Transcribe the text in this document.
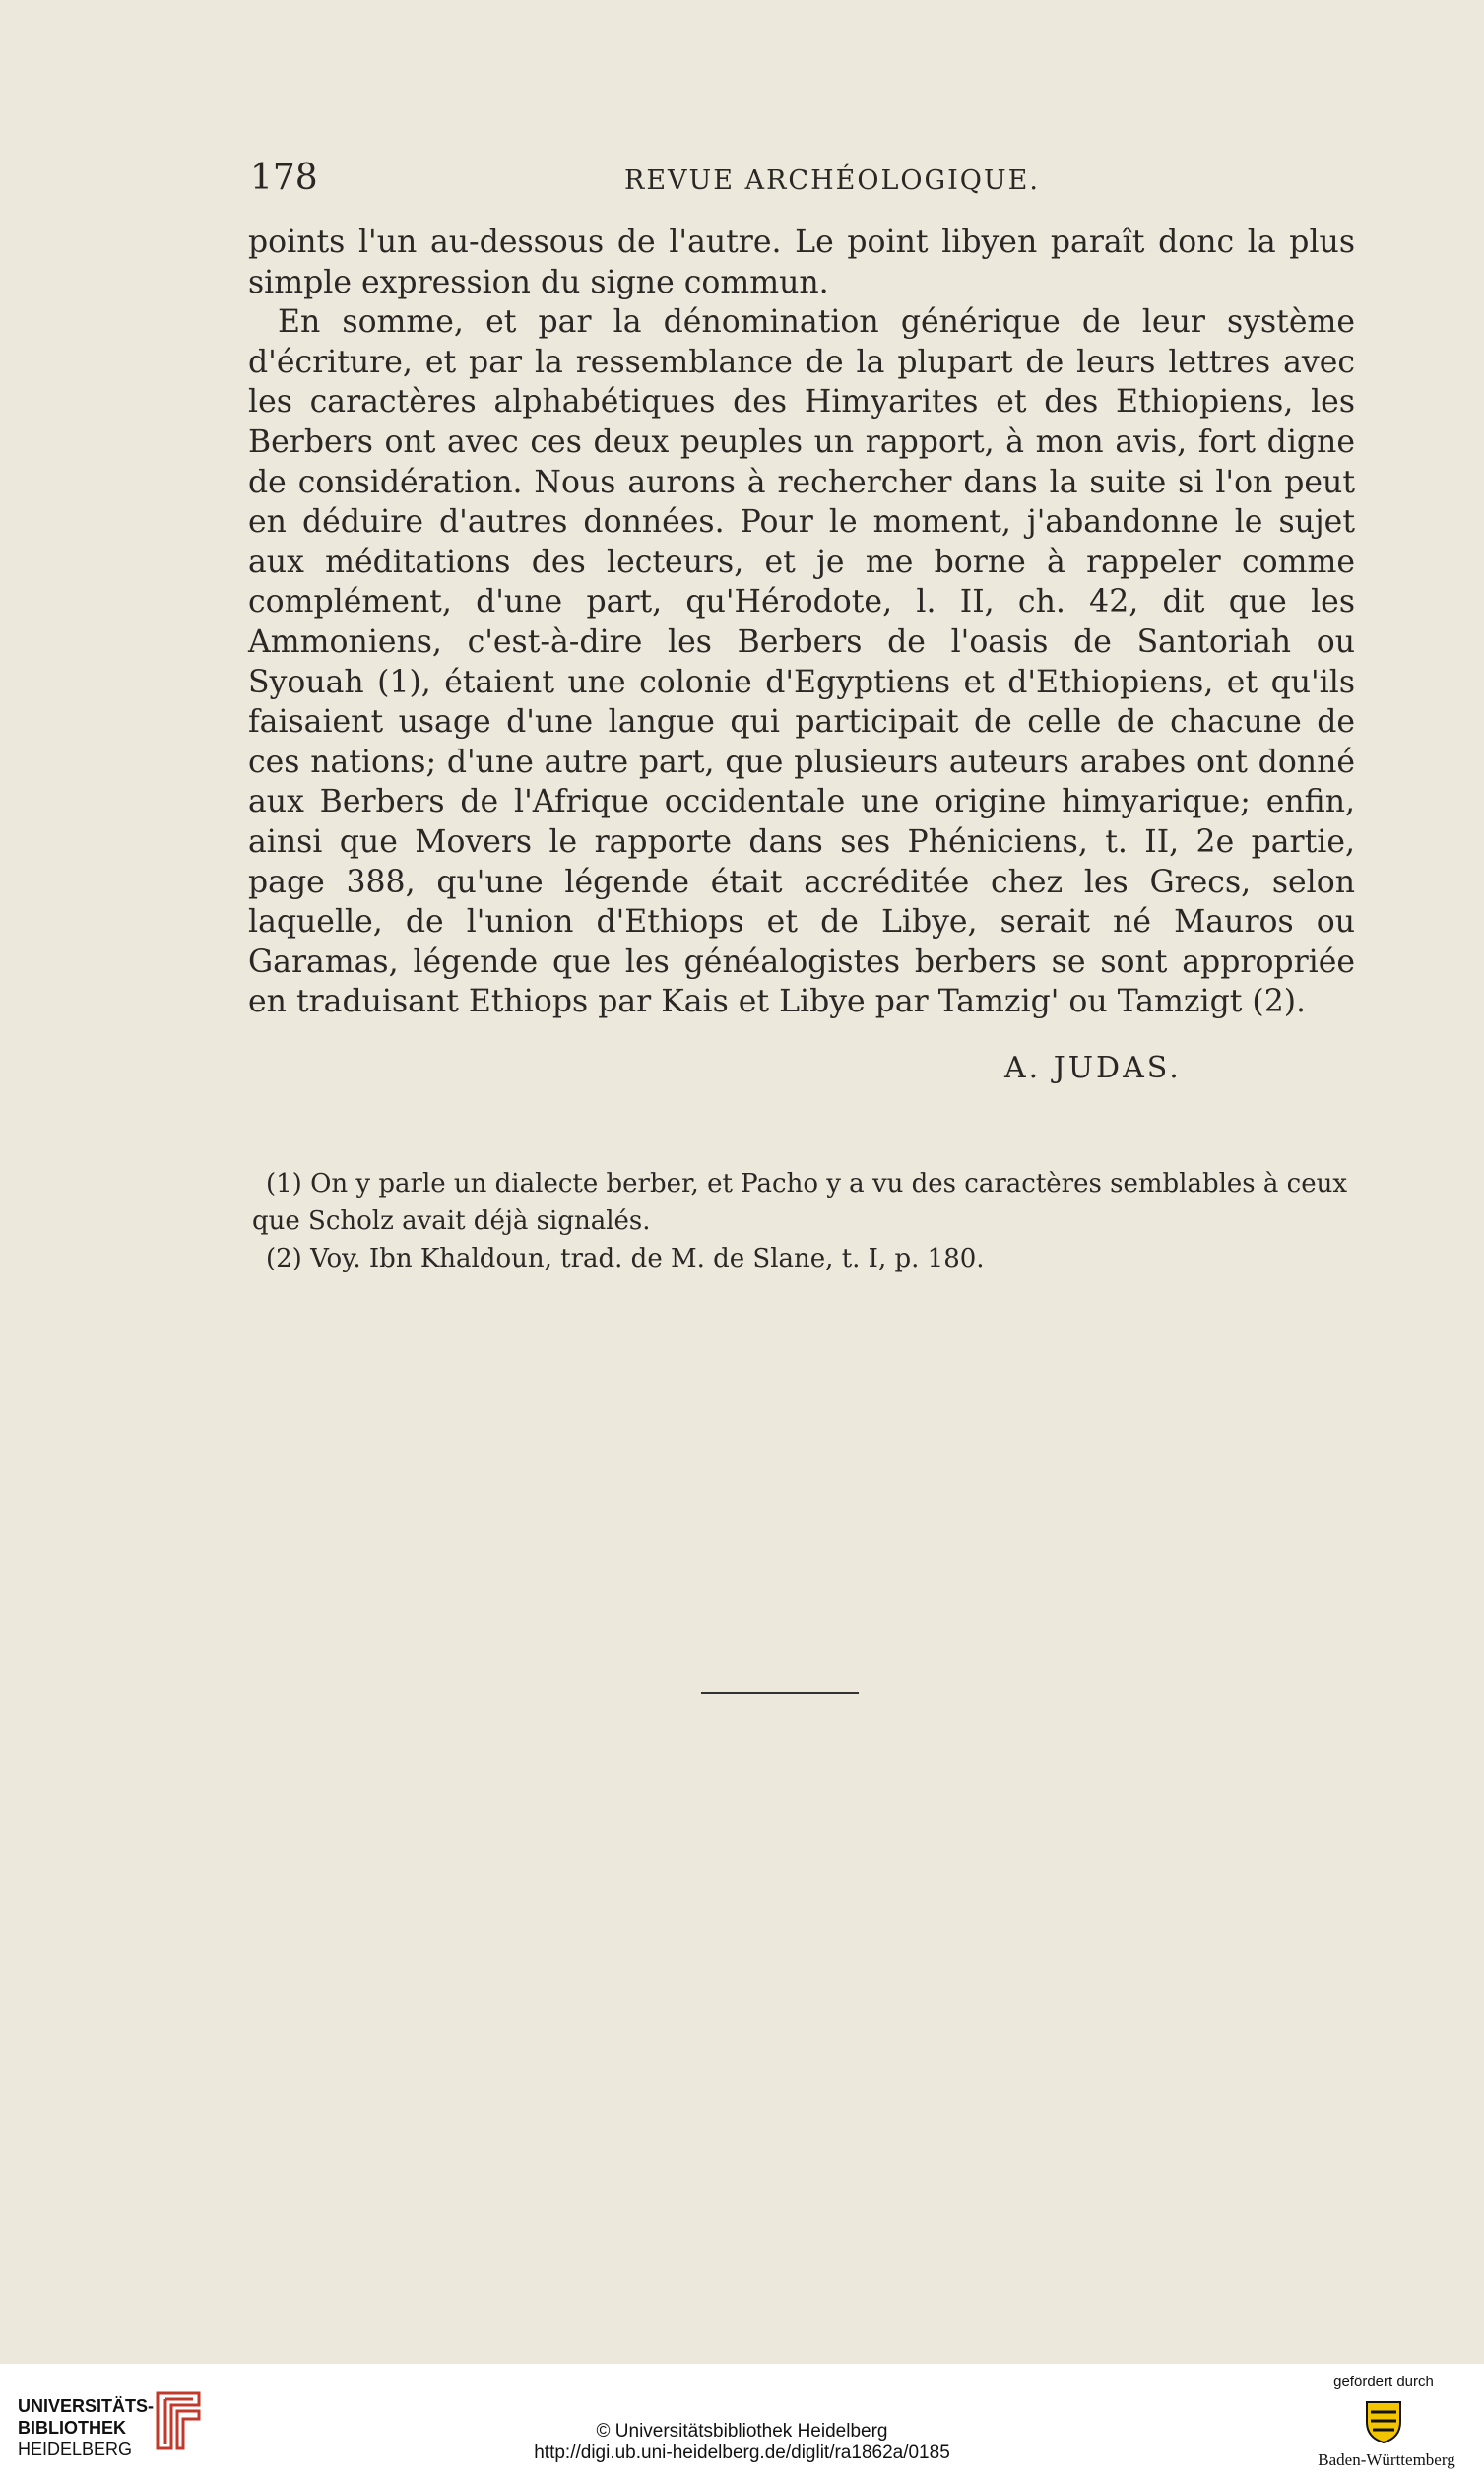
178	REVUE ARCHÉOLOGIQUE.

points l'un au-dessous de l'autre. Le point libyen paraît donc la plus simple expression du signe commun.

En somme, et par la dénomination générique de leur système d'écriture, et par la ressemblance de la plupart de leurs lettres avec les caractères alphabétiques des Himyarites et des Ethiopiens, les Berbers ont avec ces deux peuples un rapport, à mon avis, fort digne de considération. Nous aurons à rechercher dans la suite si l'on peut en déduire d'autres données. Pour le moment, j'abandonne le sujet aux méditations des lecteurs, et je me borne à rappeler comme complément, d'une part, qu'Hérodote, l. II, ch. 42, dit que les Ammoniens, c'est-à-dire les Berbers de l'oasis de Santoriah ou Syouah (1), étaient une colonie d'Egyptiens et d'Ethiopiens, et qu'ils faisaient usage d'une langue qui participait de celle de chacune de ces nations; d'une autre part, que plusieurs auteurs arabes ont donné aux Berbers de l'Afrique occidentale une origine himyarique; enfin, ainsi que Movers le rapporte dans ses Phéniciens, t. II, 2e partie, page 388, qu'une légende était accréditée chez les Grecs, selon laquelle, de l'union d'Ethiops et de Libye, serait né Mauros ou Garamas, légende que les généalogistes berbers se sont appropriée en traduisant Ethiops par Kais et Libye par Tamzig' ou Tamzigt (2).

A. JUDAS.

(1) On y parle un dialecte berber, et Pacho y a vu des caractères semblables à ceux que Scholz avait déjà signalés.

(2) Voy. Ibn Khaldoun, trad. de M. de Slane, t. I, p. 180.

UNIVERSITÄTS-
BIBLIOTHEK
HEIDELBERG
© Universitätsbibliothek Heidelberg
http://digi.ub.uni-heidelberg.de/diglit/ra1862a/0185
gefördert durch
Baden-Württemberg
